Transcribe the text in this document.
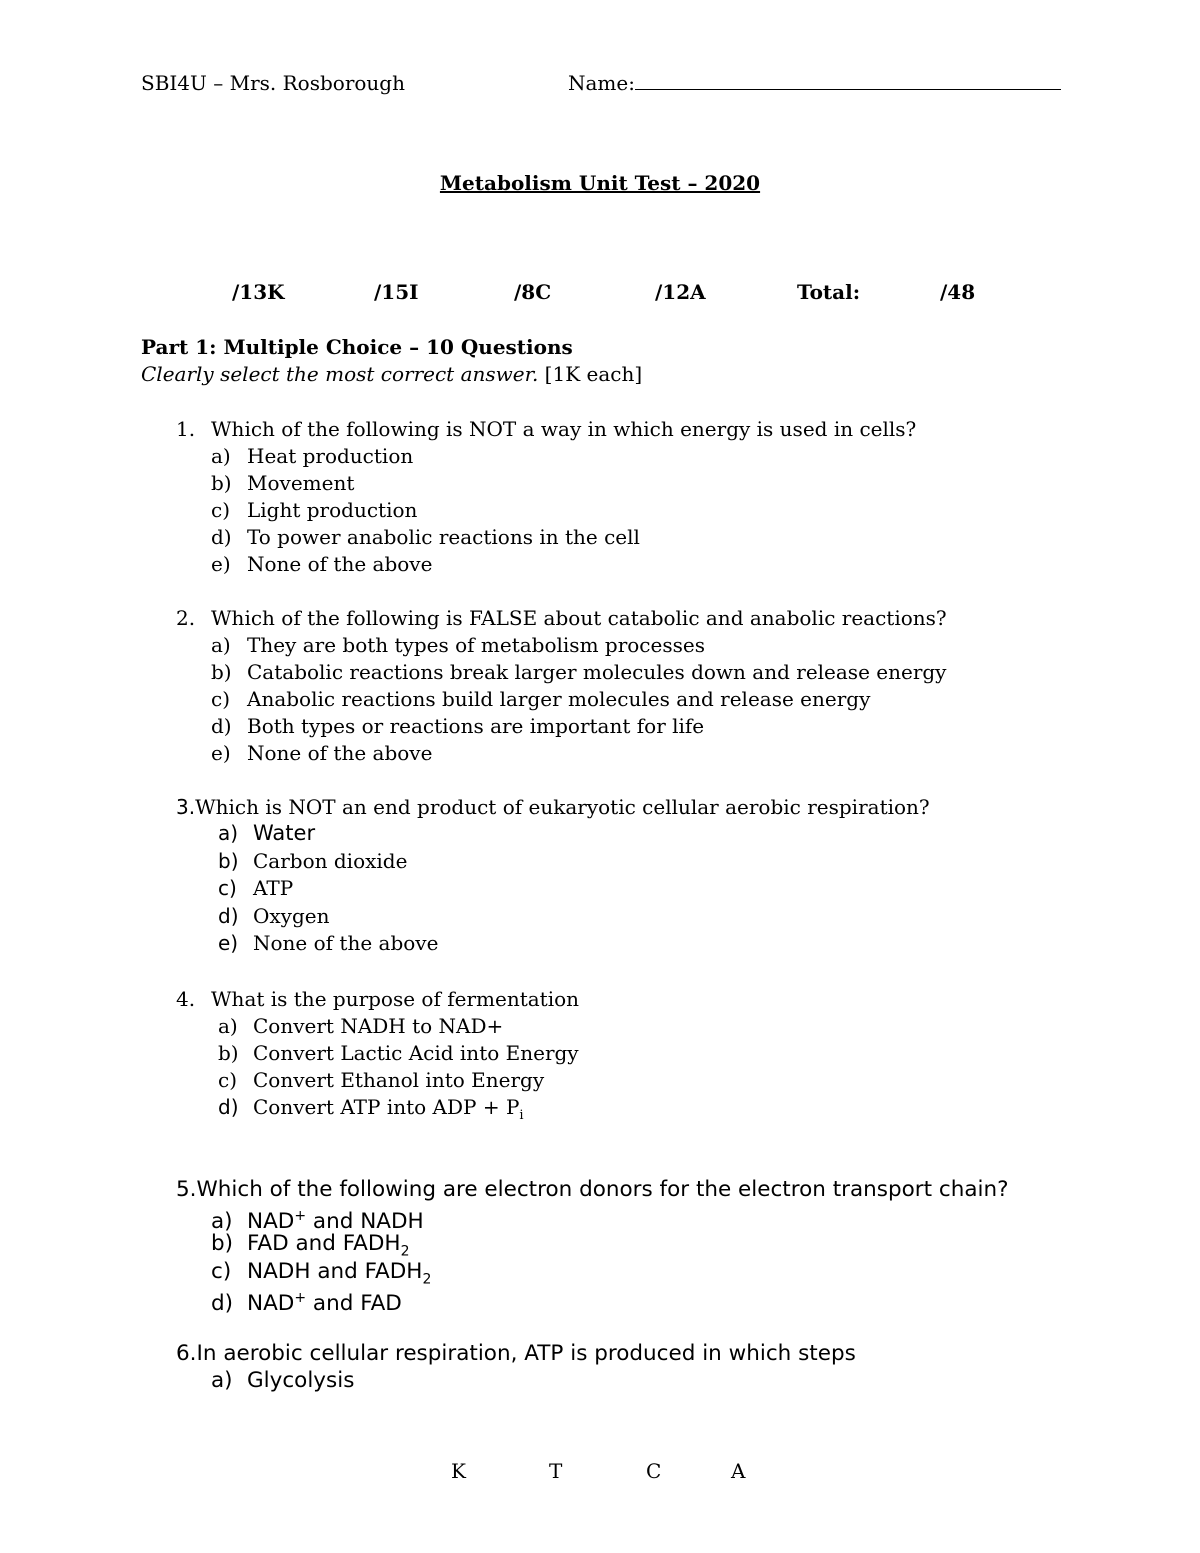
SBI4U – Mrs. Rosborough	Name:
Metabolism Unit Test – 2020
/13K	/15I	/8C	/12A	Total:	/48
Part 1: Multiple Choice – 10 Questions
Clearly select the most correct answer. [1K each]
1. Which of the following is NOT a way in which energy is used in cells?
a) Heat production
b) Movement
c) Light production
d) To power anabolic reactions in the cell
e) None of the above
2. Which of the following is FALSE about catabolic and anabolic reactions?
a) They are both types of metabolism processes
b) Catabolic reactions break larger molecules down and release energy
c) Anabolic reactions build larger molecules and release energy
d) Both types or reactions are important for life
e) None of the above
3.Which is NOT an end product of eukaryotic cellular aerobic respiration?
a) Water
b) Carbon dioxide
c) ATP
d) Oxygen
e) None of the above
4. What is the purpose of fermentation
a) Convert NADH to NAD+
b) Convert Lactic Acid into Energy
c) Convert Ethanol into Energy
d) Convert ATP into ADP + $P_i$
5.Which of the following are electron donors for the electron transport chain?
a) NAD+ and NADH
b) FAD and $FADH_2$
c) NADH and $FADH_2$
d) NAD+ and FAD
6.In aerobic cellular respiration, ATP is produced in which steps
a) Glycolysis
K	T	C	A
